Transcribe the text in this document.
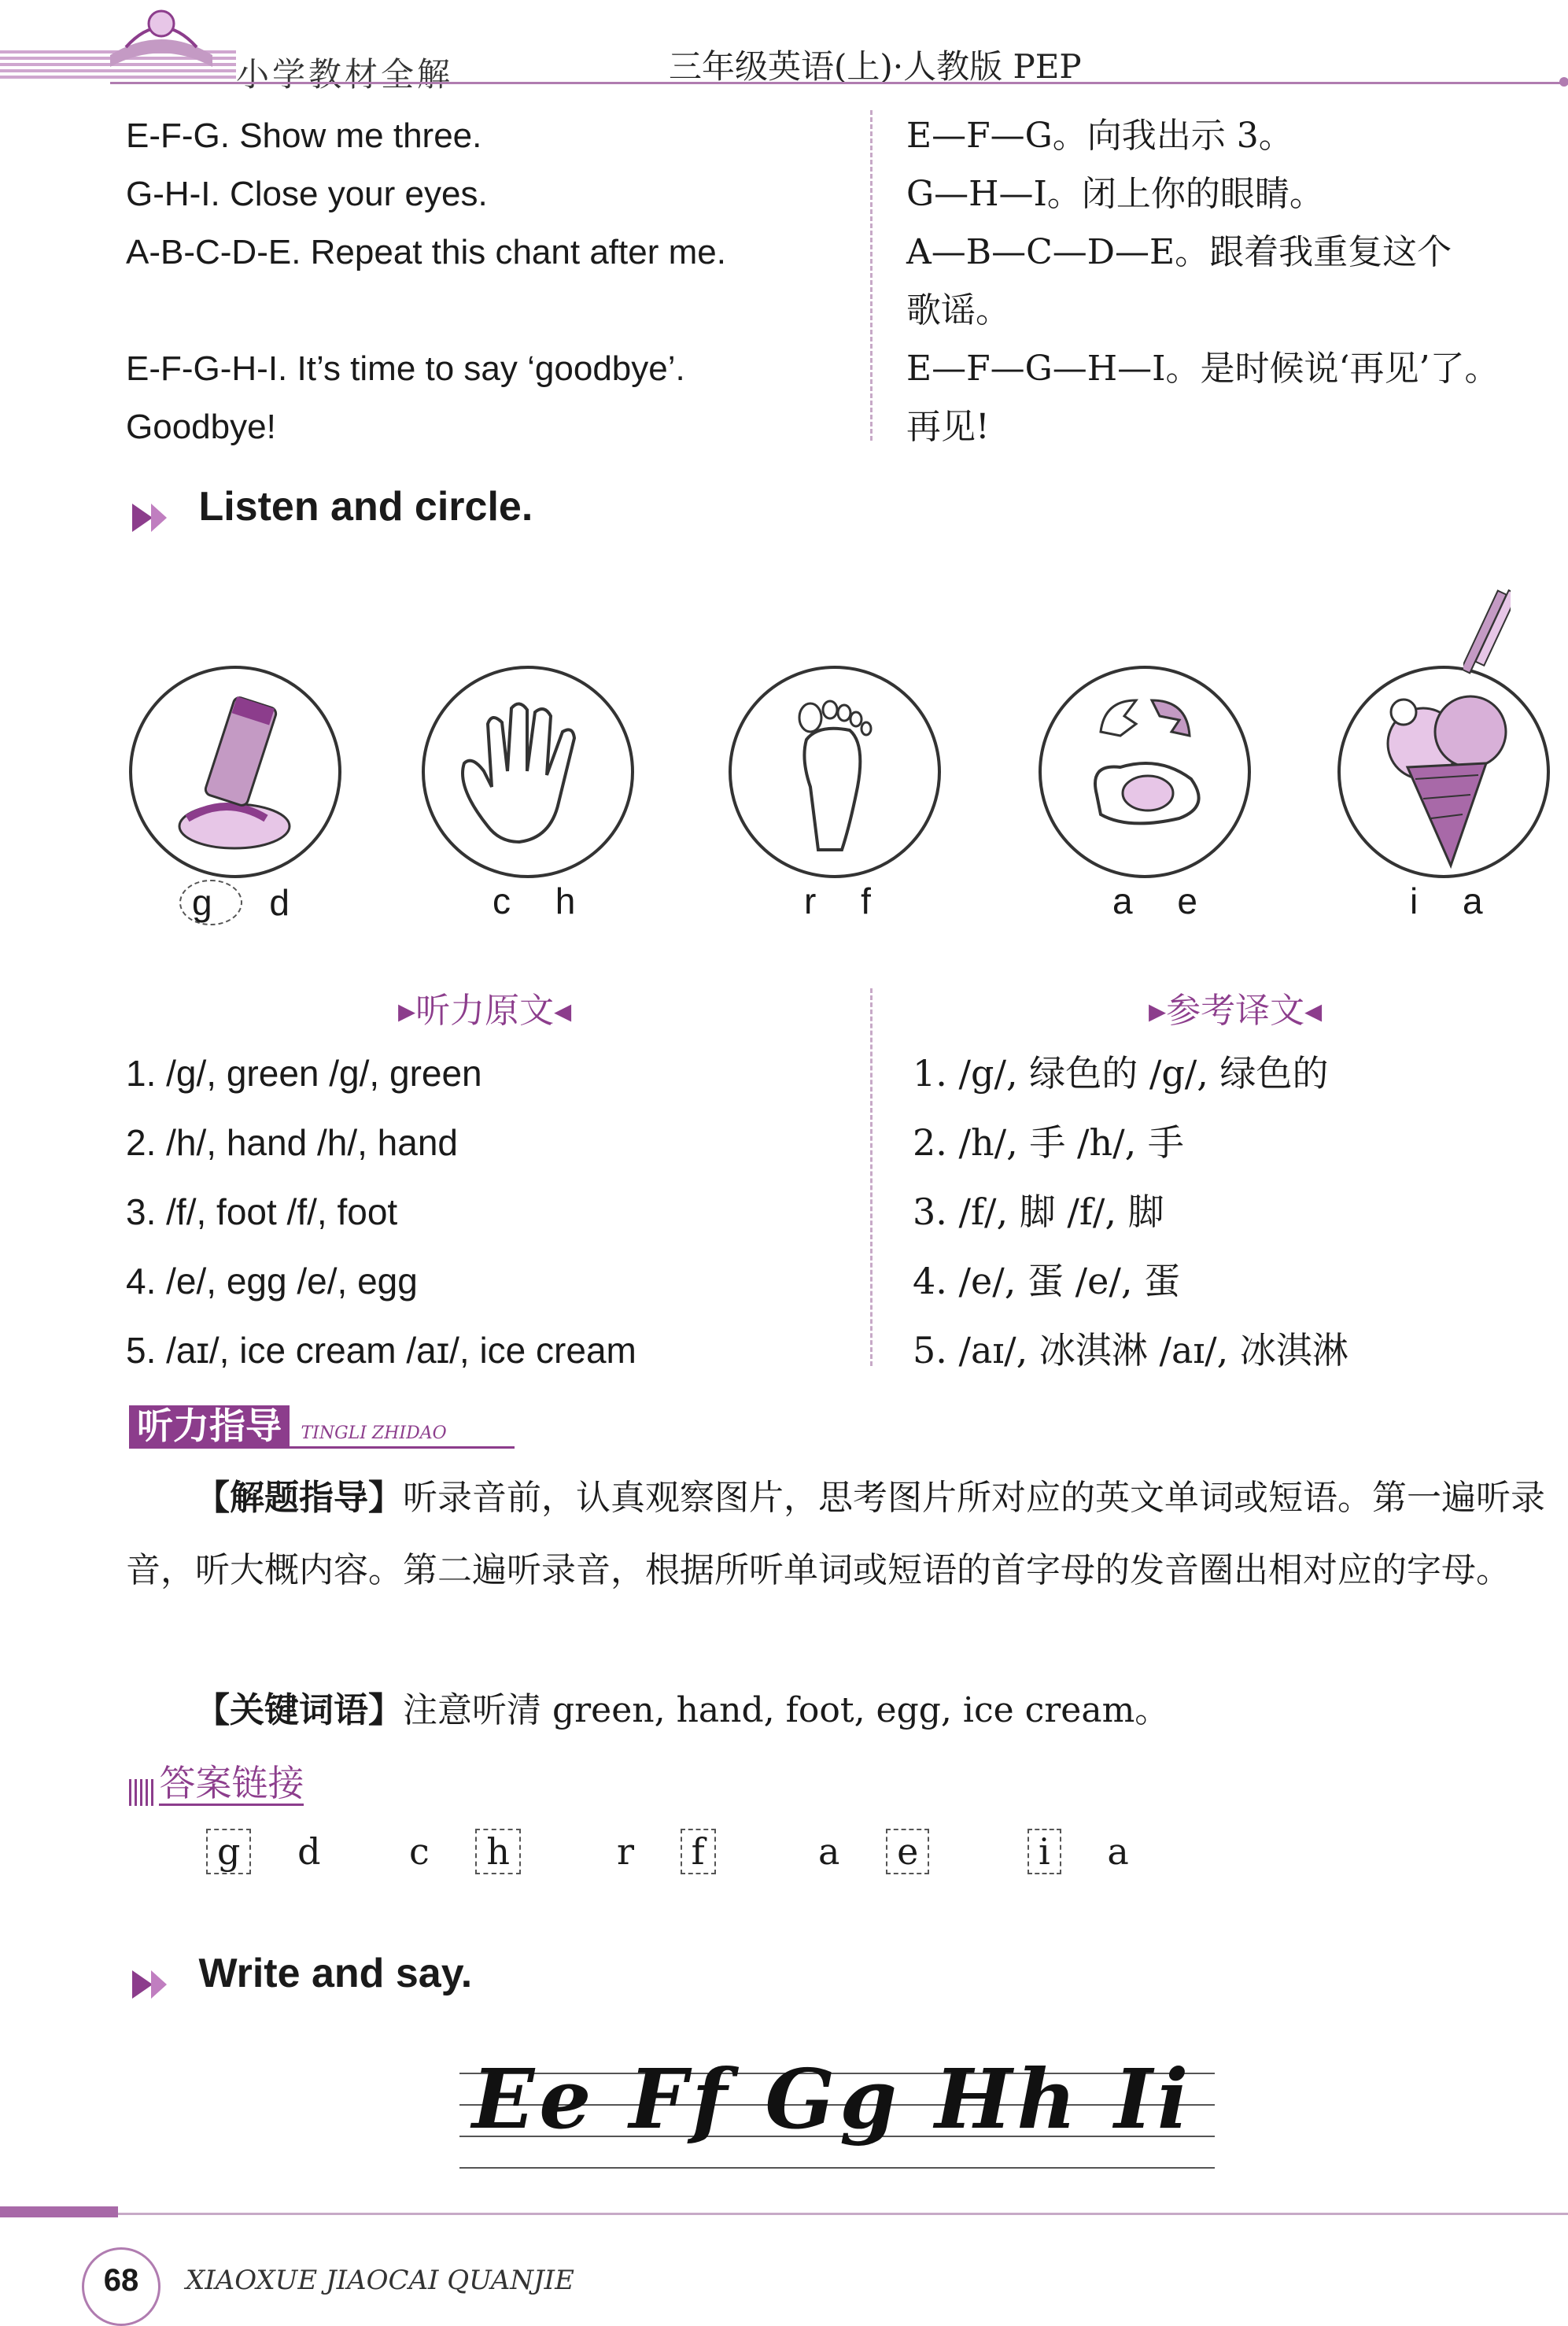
小学教材全解	三年级英语(上)·人教版 PEP
E-F-G. Show me three.
G-H-I. Close your eyes.
A-B-C-D-E. Repeat this chant after me.
E-F-G-H-I. It’s time to say ‘goodbye’.
Goodbye!
E—F—G。向我出示 3。
G—H—I。闭上你的眼睛。
A—B—C—D—E。跟着我重复这个
歌谣。
E—F—G—H—I。是时候说‘再见’了。
再见!
Listen and circle.
g d	c h	r f	a e	i a
▸听力原文◂	▸参考译文◂
1. /g/, green /g/, green
2. /h/, hand /h/, hand
3. /f/, foot /f/, foot
4. /e/, egg /e/, egg
5. /aɪ/, ice cream /aɪ/, ice cream
1. /g/, 绿色的 /g/, 绿色的
2. /h/, 手 /h/, 手
3. /f/, 脚 /f/, 脚
4. /e/, 蛋 /e/, 蛋
5. /aɪ/, 冰淇淋 /aɪ/, 冰淇淋
听力指导 TINGLI ZHIDAO
【解题指导】听录音前，认真观察图片，思考图片所对应的英文单词或短语。第一遍听录音，听大概内容。第二遍听录音，根据所听单词或短语的首字母的发音圈出相对应的字母。
【关键词语】注意听清 green, hand, foot, egg, ice cream。
答案链接
g d c h	r f	a e	i a
Write and say.
Ee Ff Gg Hh Ii
68	XIAOXUE JIAOCAI QUANJIE
